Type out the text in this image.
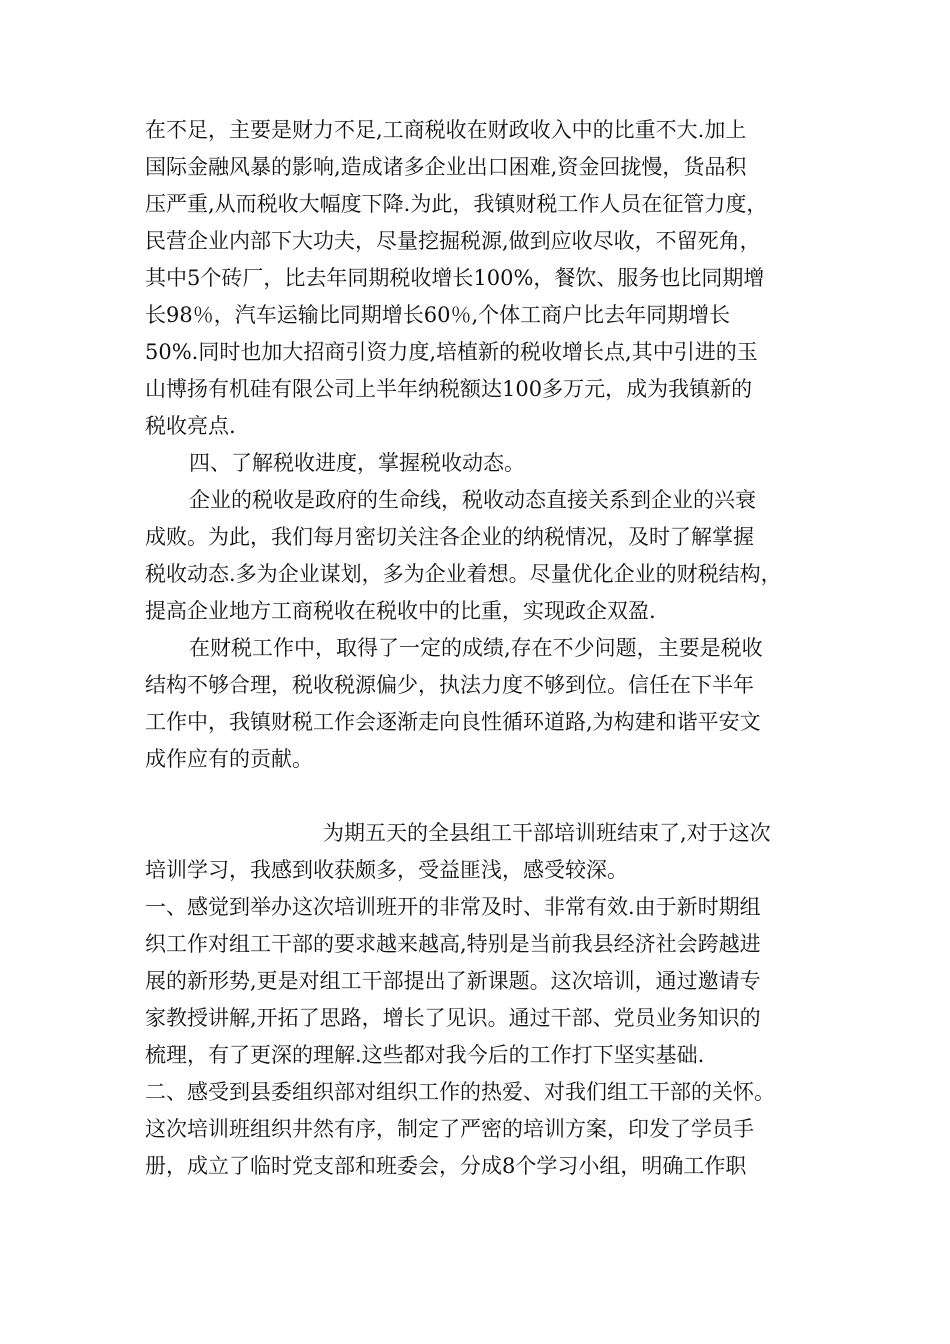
在不足，主要是财力不足,工商税收在财政收入中的比重不大.加上
国际金融风暴的影响,造成诸多企业出口困难,资金回拢慢，货品积
压严重,从而税收大幅度下降.为此，我镇财税工作人员在征管力度，
民营企业内部下大功夫，尽量挖掘税源,做到应收尽收，不留死角，
其中5个砖厂，比去年同期税收增长100%，餐饮、服务也比同期增
长98％，汽车运输比同期增长60％,个体工商户比去年同期增长
50%.同时也加大招商引资力度,培植新的税收增长点,其中引进的玉
山博扬有机硅有限公司上半年纳税额达100多万元，成为我镇新的
税收亮点.
四、了解税收进度，掌握税收动态。
企业的税收是政府的生命线，税收动态直接关系到企业的兴衰
成败。为此，我们每月密切关注各企业的纳税情况，及时了解掌握
税收动态.多为企业谋划，多为企业着想。尽量优化企业的财税结构，
提高企业地方工商税收在税收中的比重，实现政企双盈.
在财税工作中，取得了一定的成绩,存在不少问题，主要是税收
结构不够合理，税收税源偏少，执法力度不够到位。信任在下半年
工作中，我镇财税工作会逐渐走向良性循环道路,为构建和谐平安文
成作应有的贡献。
为期五天的全县组工干部培训班结束了,对于这次
培训学习，我感到收获颇多，受益匪浅，感受较深。
一、感觉到举办这次培训班开的非常及时、非常有效.由于新时期组
织工作对组工干部的要求越来越高,特别是当前我县经济社会跨越进
展的新形势,更是对组工干部提出了新课题。这次培训，通过邀请专
家教授讲解,开拓了思路，增长了见识。通过干部、党员业务知识的
梳理，有了更深的理解.这些都对我今后的工作打下坚实基础.
二、感受到县委组织部对组织工作的热爱、对我们组工干部的关怀。
这次培训班组织井然有序，制定了严密的培训方案，印发了学员手
册，成立了临时党支部和班委会，分成8个学习小组，明确工作职
